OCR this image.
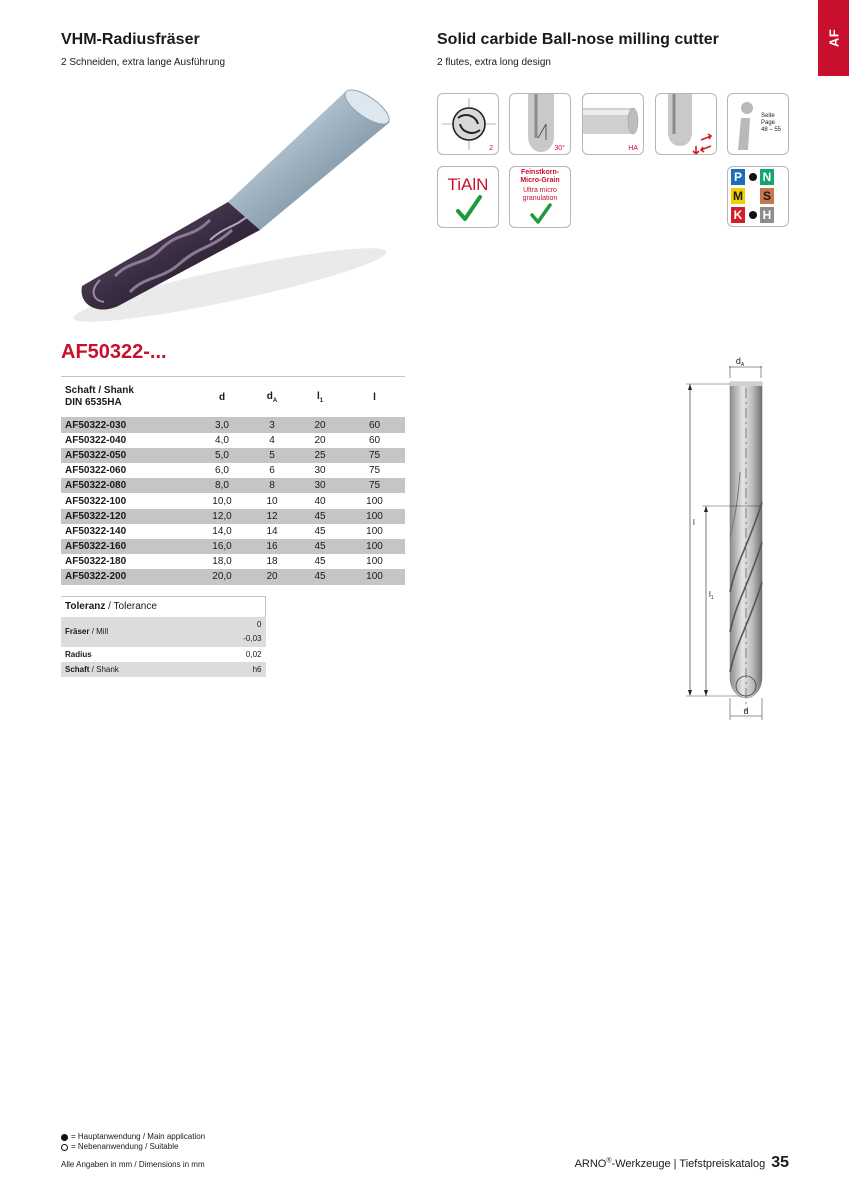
VHM-Radiusfräser
2 Schneiden, extra lange Ausführung
Solid carbide Ball-nose milling cutter
2 flutes, extra long design
AF
2	30°	HA
Seite Page
48 – 55
TiAlN
Feinstkorn-
Micro-Grain
Ultra micro
granulation
P N
M S
K H
AF50322-...
Schaft / Shank
DIN 6535HA	d	$d_A$	$l_1$	l
AF50322-030	3,0	3	20	60
AF50322-040	4,0	4	20	60
AF50322-050	5,0	5	25	75
AF50322-060	6,0	6	30	75
AF50322-080	8,0	8	30	75
AF50322-100	10,0	10	40	100
AF50322-120	12,0	12	45	100
AF50322-140	14,0	14	45	100
AF50322-160	16,0	16	45	100
AF50322-180	18,0	18	45	100
AF50322-200	20,0	20	45	100
Toleranz / Tolerance	
Fräser / Mill	0
-0,03

Radius	0,02
Schaft / Shank	h6
$d_A$
l
$l_1$
d
= Hauptanwendung / Main application
= Nebenanwendung / Suitable
Alle Angaben in mm / Dimensions in mm	ARNO®-Werkzeuge | Tiefstpreiskatalog 35
